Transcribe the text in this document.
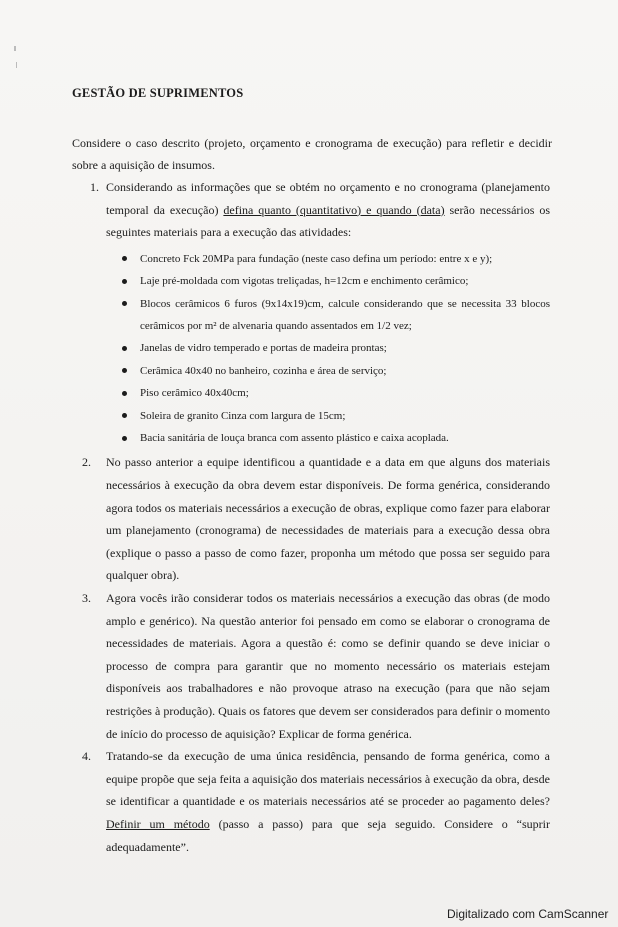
GESTÃO DE SUPRIMENTOS
Considere o caso descrito (projeto, orçamento e cronograma de execução) para refletir e decidir sobre a aquisição de insumos.
1. Considerando as informações que se obtém no orçamento e no cronograma (planejamento temporal da execução) defina quanto (quantitativo) e quando (data) serão necessários os seguintes materiais para a execução das atividades:
Concreto Fck 20MPa para fundação (neste caso defina um período: entre x e y);
Laje pré-moldada com vigotas treliçadas, h=12cm e enchimento cerâmico;
Blocos cerâmicos 6 furos (9x14x19)cm, calcule considerando que se necessita 33 blocos cerâmicos por m² de alvenaria quando assentados em 1/2 vez;
Janelas de vidro temperado e portas de madeira prontas;
Cerâmica 40x40 no banheiro, cozinha e área de serviço;
Piso cerâmico 40x40cm;
Soleira de granito Cinza com largura de 15cm;
Bacia sanitária de louça branca com assento plástico e caixa acoplada.
2. No passo anterior a equipe identificou a quantidade e a data em que alguns dos materiais necessários à execução da obra devem estar disponíveis. De forma genérica, considerando agora todos os materiais necessários a execução de obras, explique como fazer para elaborar um planejamento (cronograma) de necessidades de materiais para a execução dessa obra (explique o passo a passo de como fazer, proponha um método que possa ser seguido para qualquer obra).
3. Agora vocês irão considerar todos os materiais necessários a execução das obras (de modo amplo e genérico). Na questão anterior foi pensado em como se elaborar o cronograma de necessidades de materiais. Agora a questão é: como se definir quando se deve iniciar o processo de compra para garantir que no momento necessário os materiais estejam disponíveis aos trabalhadores e não provoque atraso na execução (para que não sejam restrições à produção). Quais os fatores que devem ser considerados para definir o momento de início do processo de aquisição? Explicar de forma genérica.
4. Tratando-se da execução de uma única residência, pensando de forma genérica, como a equipe propõe que seja feita a aquisição dos materiais necessários à execução da obra, desde se identificar a quantidade e os materiais necessários até se proceder ao pagamento deles? Definir um método (passo a passo) para que seja seguido. Considere o “suprir adequadamente”.
Digitalizado com CamScanner
